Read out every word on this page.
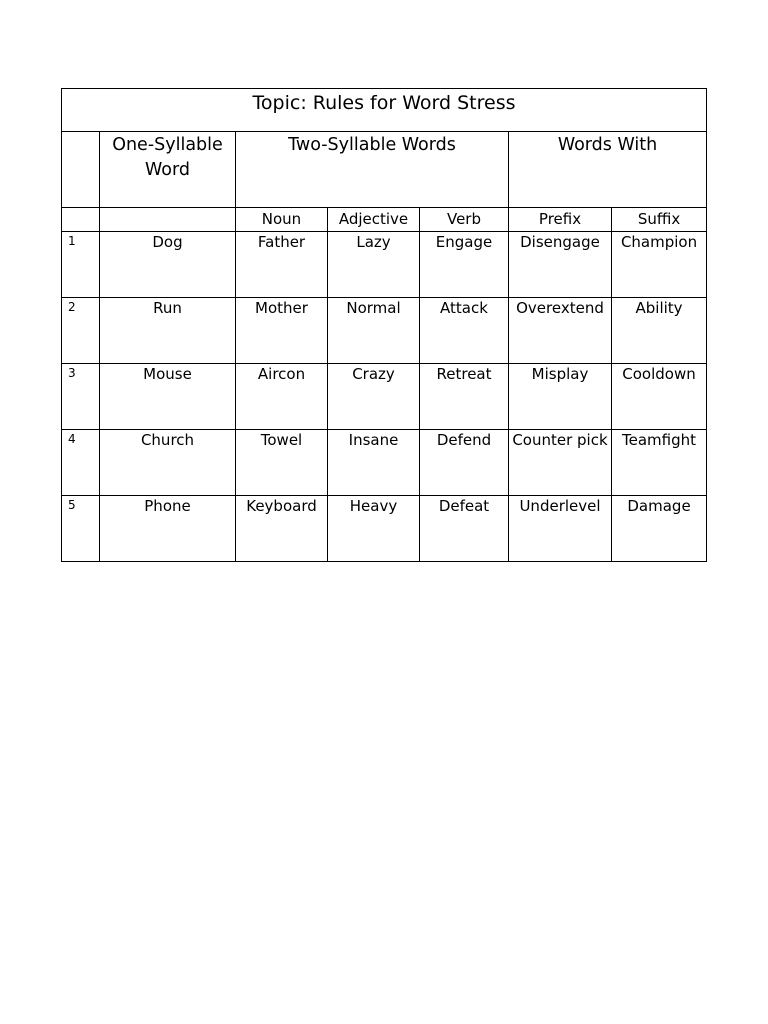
Topic: Rules for Word Stress						
	One-Syllable Word	Two-Syllable Words			Words With	
		Noun	Adjective	Verb	Prefix	Suffix
1	Dog	Father	Lazy	Engage	Disengage	Champion
2	Run	Mother	Normal	Attack	Overextend	Ability
3	Mouse	Aircon	Crazy	Retreat	Misplay	Cooldown
4	Church	Towel	Insane	Defend	Counter pick	Teamfight
5	Phone	Keyboard	Heavy	Defeat	Underlevel	Damage
